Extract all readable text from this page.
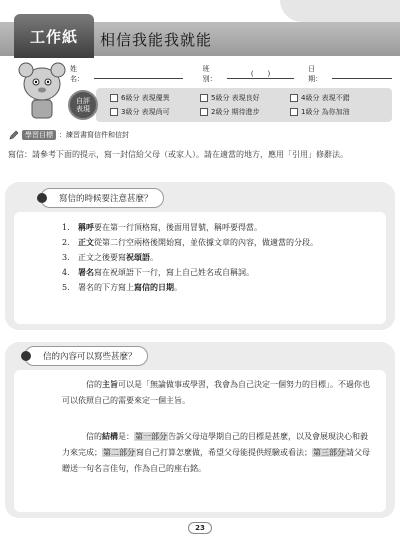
工作紙	相信我能我就能
姓 名：
班 別：
(　　)
日 期：
6級分 表現優異	5級分 表現良好	4級分 表現不錯
3級分 表現尚可	2級分 期待進步	1級分 為你加油
自評
表現
學習目標 ：練習書寫信件和信封
寫信：請參考下面的提示，寫一封信給父母（或家人）。請在適當的地方，應用「引用」修辭法。
寫信的時候要注意甚麼？
1.	稱呼要在第一行頂格寫，後面用冒號，稱呼要得當。
2.	正文從第二行空兩格後開始寫，並依據文章的內容，做適當的分段。
3.	正文之後要寫祝頌語。
4.	署名寫在祝頌語下一行，寫上自己姓名或自稱詞。
5.	署名的下方寫上寫信的日期。
信的內容可以寫些甚麼？
信的主旨可以是「無論做事或學習，我會為自己決定一個努力的目標」。不過你也可以依照自己的需要來定一個主旨。
信的結構是：第一部分告訴父母這學期自己的目標是甚麼，以及會展現決心和毅力來完成；第二部分寫自己打算怎麼做，希望父母能提供經驗或看法；第三部分請父母贈送一句名言佳句，作為自己的座右銘。
23
